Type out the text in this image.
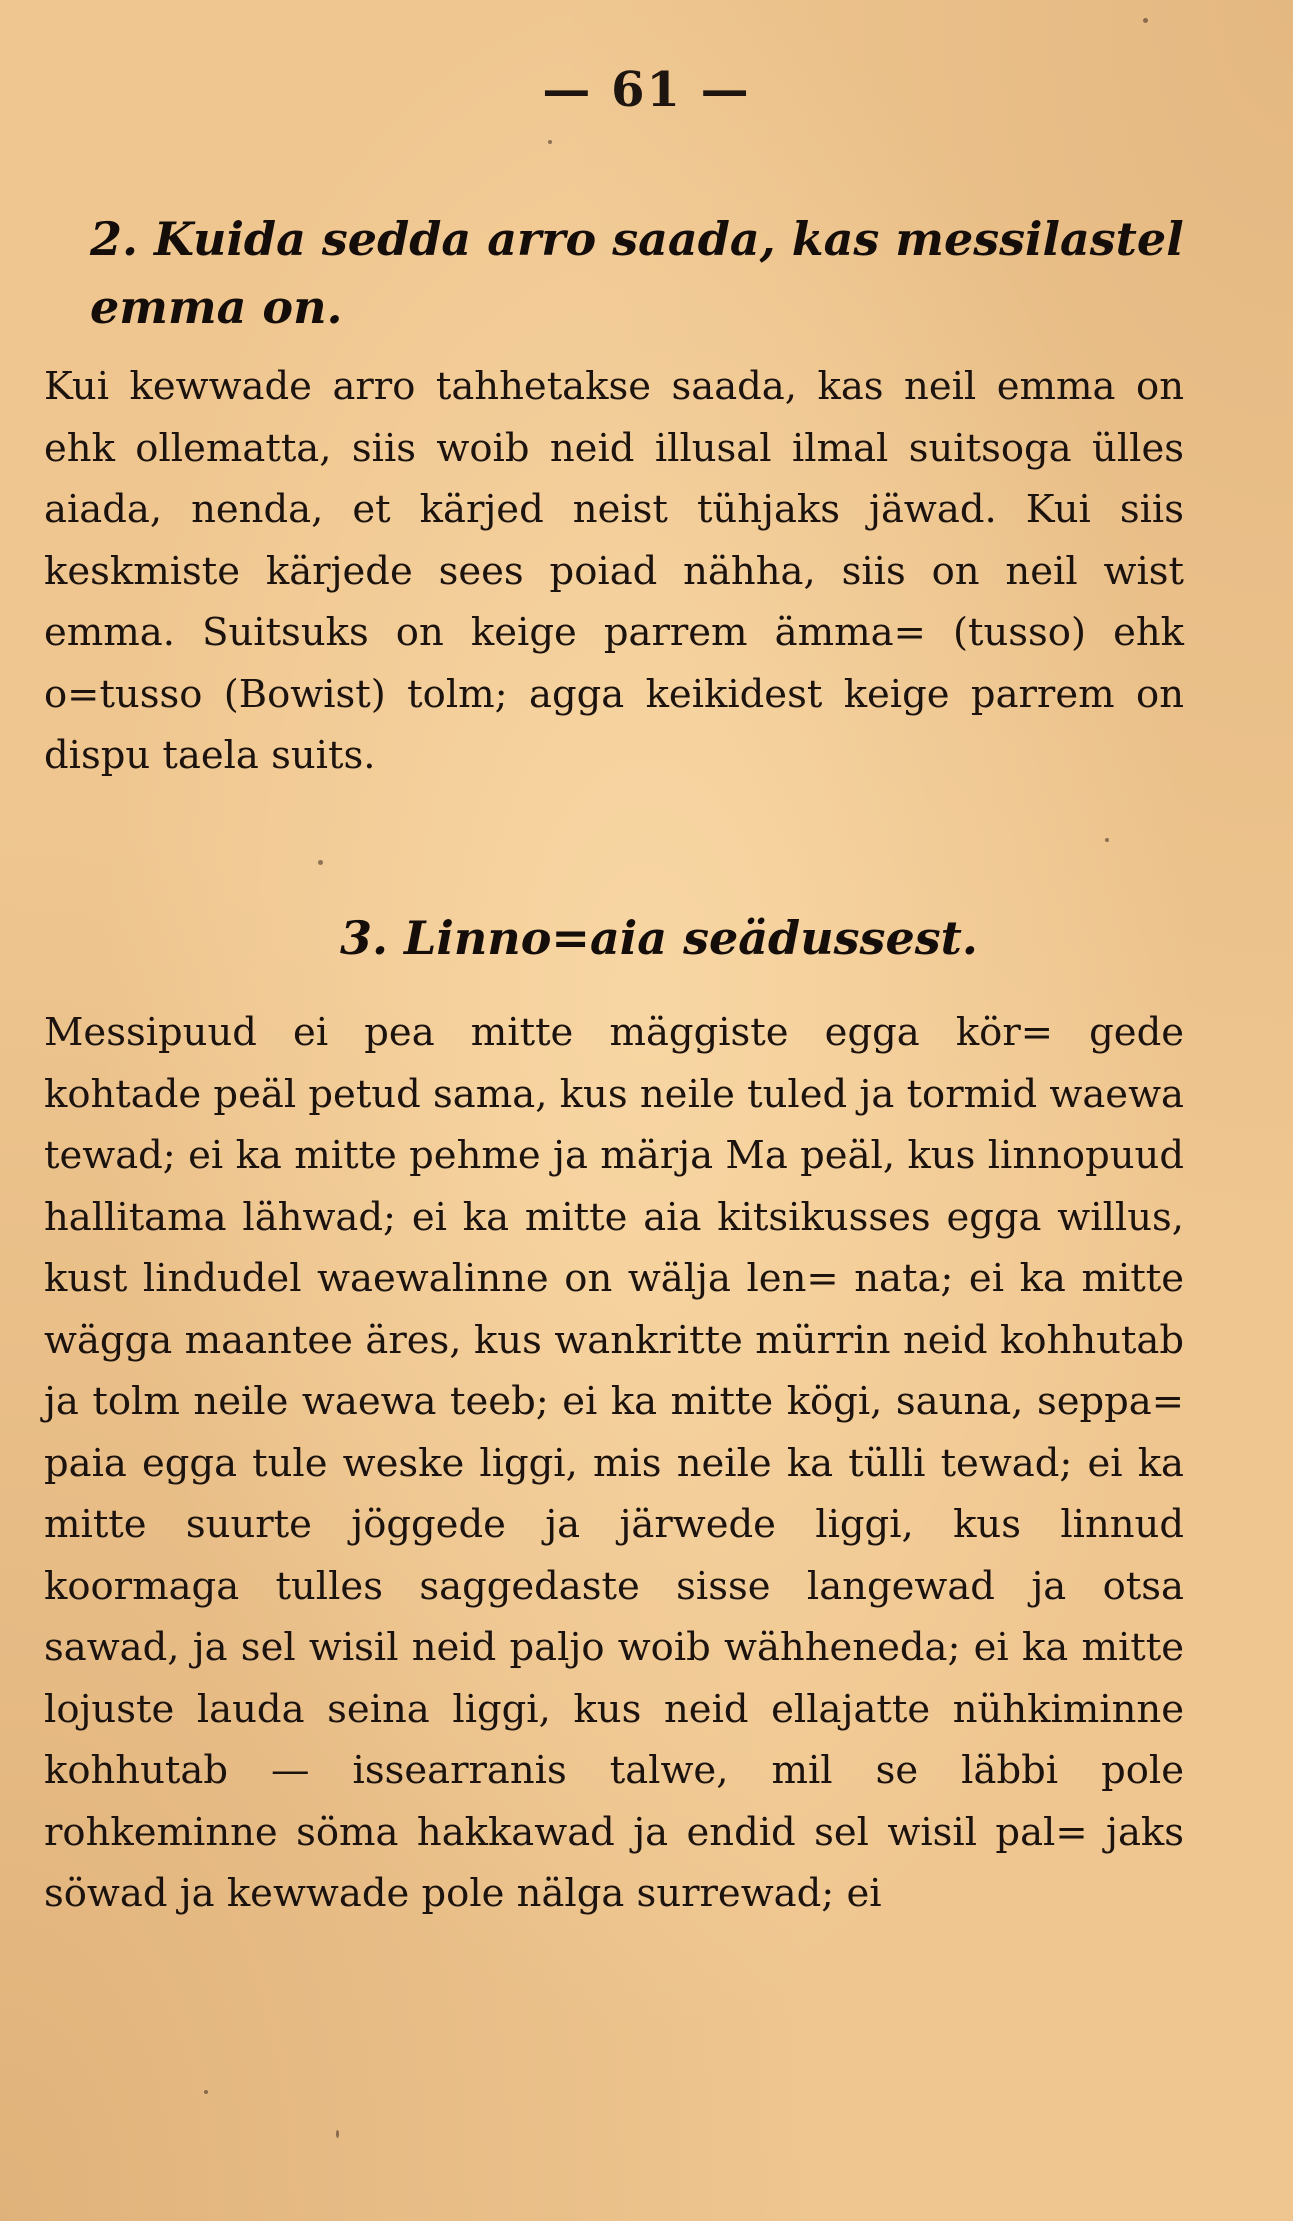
— 61 —
2. Kuida sedda arro saada, kas messilastel emma on.
Kui kewwade arro tahhetakse saada, kas neil emma on ehk ollematta, siis woib neid illusal ilmal suitsoga ülles aiada, nenda, et kärjed neist tühjaks jäwad. Kui siis keskmiste kärjede sees poiad nähha, siis on neil wist emma. Suitsuks on keige parrem ämma= (tusso) ehk o=tusso (Bowist) tolm; agga keikidest keige parrem on dispu taela suits.
3. Linno=aia seädussest.
Messipuud ei pea mitte mäggiste egga kör= gede kohtade peäl petud sama, kus neile tuled ja tormid waewa tewad; ei ka mitte pehme ja märja Ma peäl, kus linnopuud hallitama lähwad; ei ka mitte aia kitsikusses egga willus, kust lindudel waewalinne on wälja len= nata; ei ka mitte wägga maantee äres, kus wankritte mürrin neid kohhutab ja tolm neile waewa teeb; ei ka mitte kögi, sauna, seppa= paia egga tule weske liggi, mis neile ka tülli tewad; ei ka mitte suurte jöggede ja järwede liggi, kus linnud koormaga tulles saggedaste sisse langewad ja otsa sawad, ja sel wisil neid paljo woib wähheneda; ei ka mitte lojuste lauda seina liggi, kus neid ellajatte nühkiminne kohhutab — issearranis talwe, mil se läbbi pole rohkeminne söma hakkawad ja endid sel wisil pal= jaks söwad ja kewwade pole nälga surrewad; ei
